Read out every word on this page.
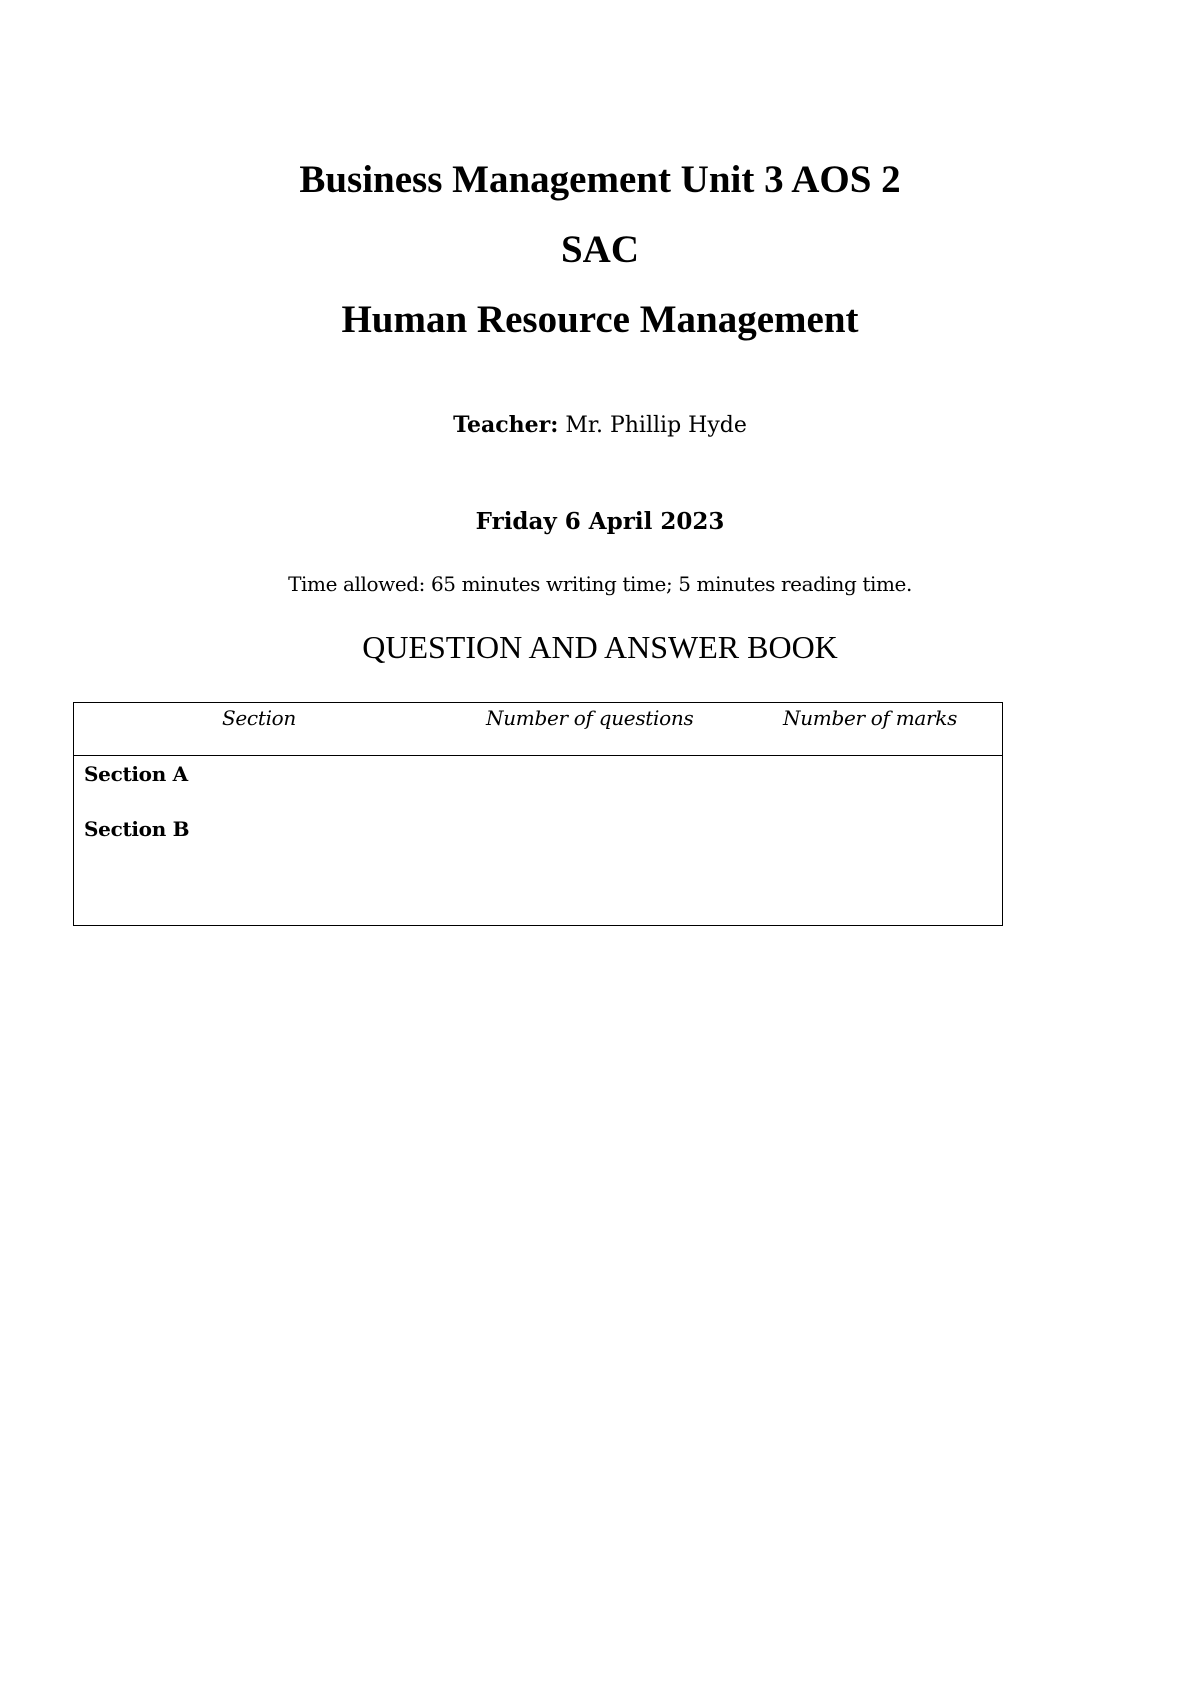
Business Management Unit 3 AOS 2
SAC
Human Resource Management
Teacher: Mr. Phillip Hyde
Friday 6 April 2023
Time allowed: 65 minutes writing time; 5 minutes reading time.
QUESTION AND ANSWER BOOK
Section	Number of questions	Number of marks
Section A
Section B
